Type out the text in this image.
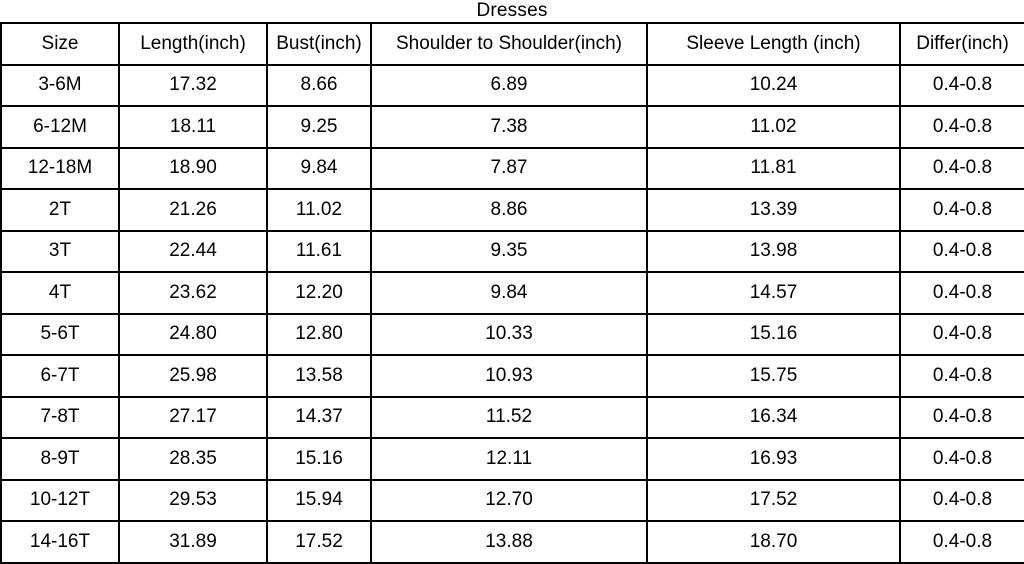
Dresses
Size	Length(inch)	Bust(inch)	Shoulder to Shoulder(inch)	Sleeve Length (inch)	Differ(inch)
3-6M	17.32	8.66	6.89	10.24	0.4-0.8
6-12M	18.11	9.25	7.38	11.02	0.4-0.8
12-18M	18.90	9.84	7.87	11.81	0.4-0.8
2T	21.26	11.02	8.86	13.39	0.4-0.8
3T	22.44	11.61	9.35	13.98	0.4-0.8
4T	23.62	12.20	9.84	14.57	0.4-0.8
5-6T	24.80	12.80	10.33	15.16	0.4-0.8
6-7T	25.98	13.58	10.93	15.75	0.4-0.8
7-8T	27.17	14.37	11.52	16.34	0.4-0.8
8-9T	28.35	15.16	12.11	16.93	0.4-0.8
10-12T	29.53	15.94	12.70	17.52	0.4-0.8
14-16T	31.89	17.52	13.88	18.70	0.4-0.8
